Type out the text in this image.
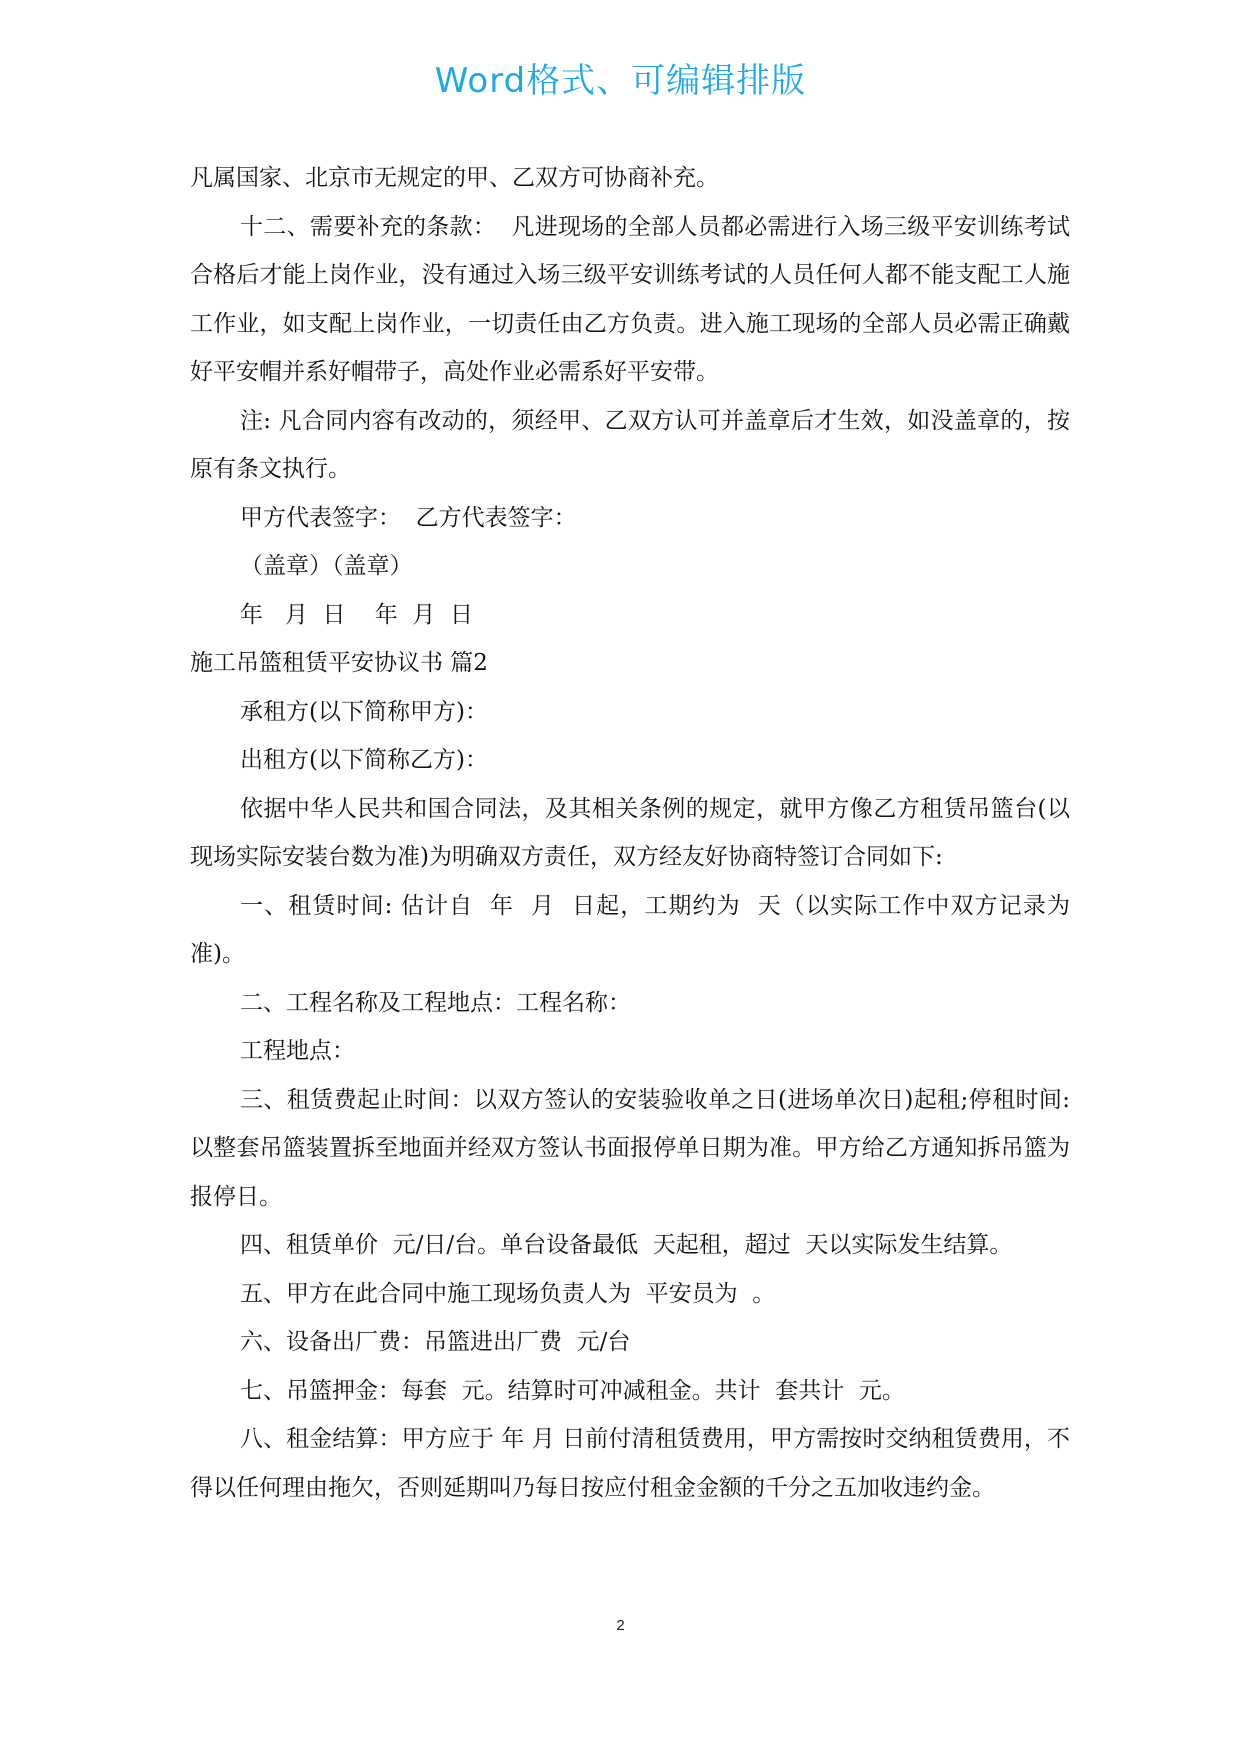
Word格式、可编辑排版

凡属国家、北京市无规定的甲、乙双方可协商补充。

十二、需要补充的条款：  凡进现场的全部人员都必需进行入场三级平安训练考试合格后才能上岗作业，没有通过入场三级平安训练考试的人员任何人都不能支配工人施工作业，如支配上岗作业，一切责任由乙方负责。进入施工现场的全部人员必需正确戴好平安帽并系好帽带子，高处作业必需系好平安带。

注: 凡合同内容有改动的，须经甲、乙双方认可并盖章后才生效，如没盖章的，按原有条文执行。

甲方代表签字：  乙方代表签字：

（盖章）（盖章）

年   月  日    年  月  日

施工吊篮租赁平安协议书 篇2

承租方(以下简称甲方)：

出租方(以下简称乙方)：

依据中华人民共和国合同法，及其相关条例的规定，就甲方像乙方租赁吊篮台(以现场实际安装台数为准)为明确双方责任，双方经友好协商特签订合同如下:

一、租赁时间: 估计自  年  月  日起，工期约为  天（以实际工作中双方记录为准)。

二、工程名称及工程地点：工程名称：

工程地点：

三、租赁费起止时间：以双方签认的安装验收单之日(进场单次日)起租;停租时间: 以整套吊篮装置拆至地面并经双方签认书面报停单日期为准。甲方给乙方通知拆吊篮为报停日。

四、租赁单价  元/日/台。单台设备最低  天起租，超过  天以实际发生结算。

五、甲方在此合同中施工现场负责人为  平安员为  。

六、设备出厂费：吊篮进出厂费  元/台

七、吊篮押金：每套  元。结算时可冲减租金。共计  套共计  元。

八、租金结算：甲方应于 年 月 日前付清租赁费用，甲方需按时交纳租赁费用，不得以任何理由拖欠，否则延期叫乃每日按应付租金金额的千分之五加收违约金。

2
